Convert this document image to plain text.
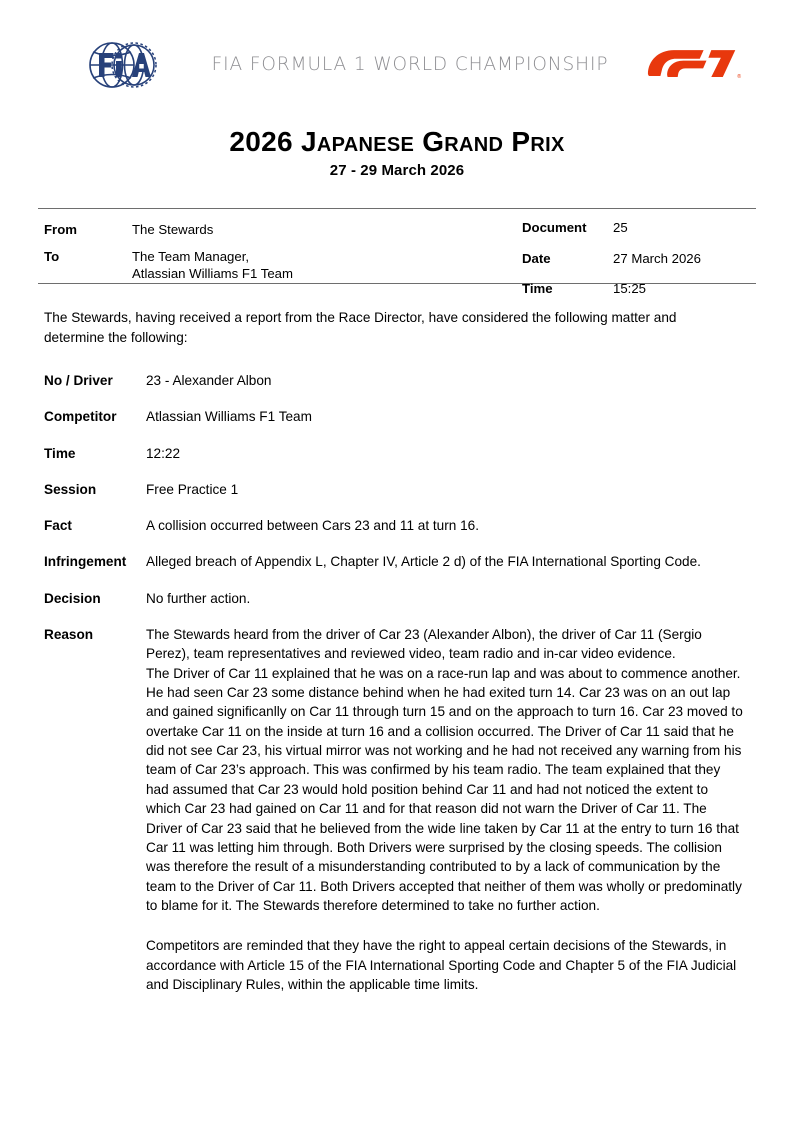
FIA FORMULA 1 WORLD CHAMPIONSHIP
®
2026 Japanese Grand Prix
27 - 29 March 2026
From	The Stewards
To	The Team Manager,
Atlassian Williams F1 Team
Document	25
Date	27 March 2026
Time	15:25
The Stewards, having received a report from the Race Director, have considered the following matter and determine the following:
No / Driver	23 - Alexander Albon
Competitor	Atlassian Williams F1 Team
Time	12:22
Session	Free Practice 1
Fact	A collision occurred between Cars 23 and 11 at turn 16.
Infringement	Alleged breach of Appendix L, Chapter IV, Article 2 d) of the FIA International Sporting Code.
Decision	No further action.
Reason	The Stewards heard from the driver of Car 23 (Alexander Albon), the driver of Car 11 (Sergio Perez), team representatives and reviewed video, team radio and in-car video evidence.

The Driver of Car 11 explained that he was on a race-run lap and was about to commence another. He had seen Car 23 some distance behind when he had exited turn 14. Car 23 was on an out lap and gained significanlly on Car 11 through turn 15 and on the approach to turn 16. Car 23 moved to overtake Car 11 on the inside at turn 16 and a collision occurred. The Driver of Car 11 said that he did not see Car 23, his virtual mirror was not working and he had not received any warning from his team of Car 23’s approach. This was confirmed by his team radio. The team explained that they had assumed that Car 23 would hold position behind Car 11 and had not noticed the extent to which Car 23 had gained on Car 11 and for that reason did not warn the Driver of Car 11. The Driver of Car 23 said that he believed from the wide line taken by Car 11 at the entry to turn 16 that Car 11 was letting him through. Both Drivers were surprised by the closing speeds. The collision was therefore the result of a misunderstanding contributed to by a lack of communication by the team to the Driver of Car 11. Both Drivers accepted that neither of them was wholly or predominatly to blame for it. The Stewards therefore determined to take no further action.

Competitors are reminded that they have the right to appeal certain decisions of the Stewards, in accordance with Article 15 of the FIA International Sporting Code and Chapter 5 of the FIA Judicial and Disciplinary Rules, within the applicable time limits.
